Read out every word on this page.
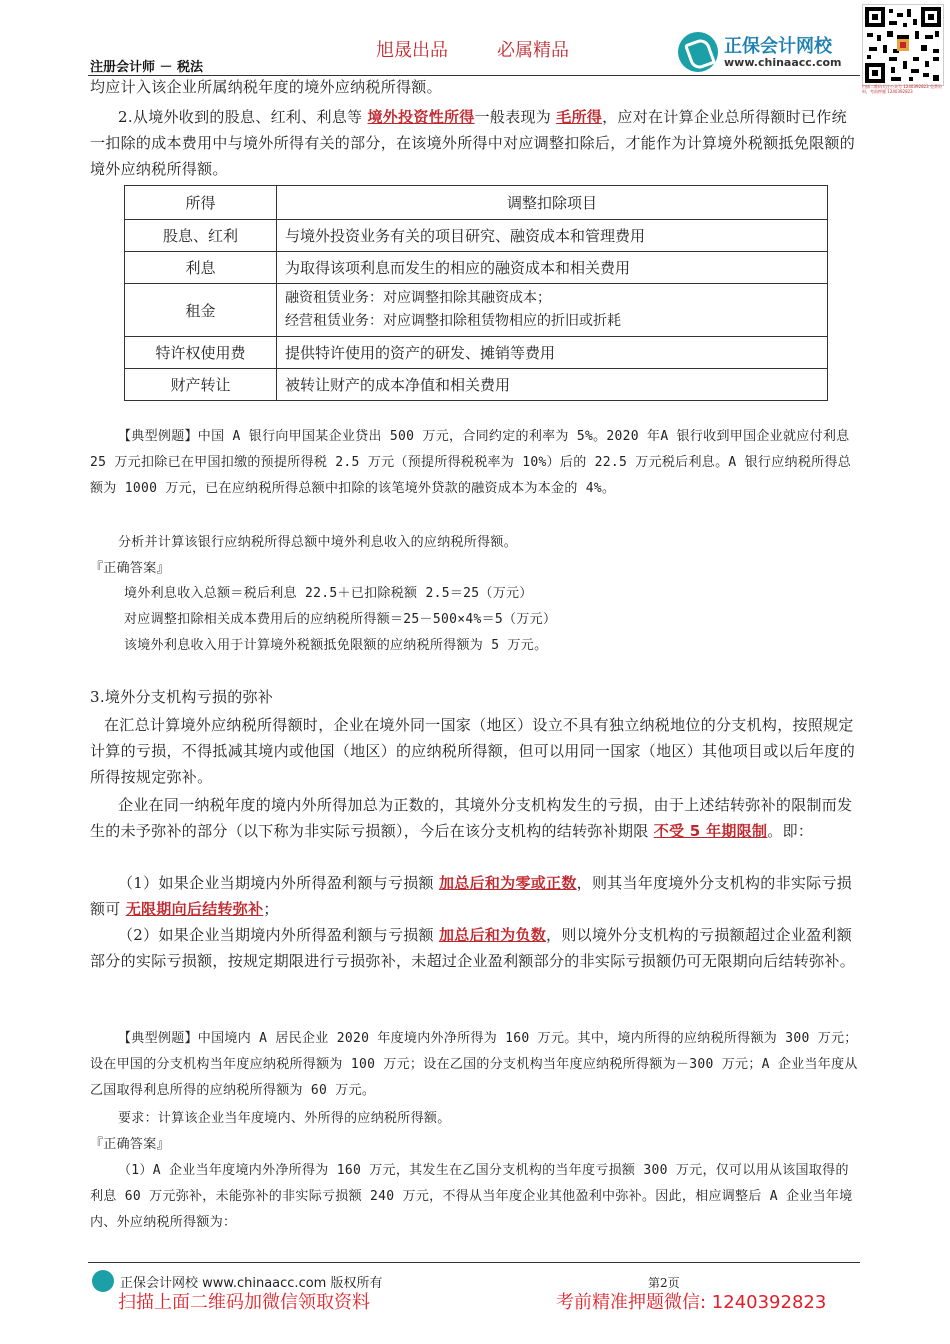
旭晟出品	必属精品
注册会计师 － 税法
正保会计网校
www.chinaacc.com
扫描二维码关注公众号 1240392823 免费资料，考前押题 1240392823
均应计入该企业所属纳税年度的境外应纳税所得额。
2.从境外收到的股息、红利、利息等 境外投资性所得一般表现为 毛所得，应对在计算企业总所得额时已作统一扣除的成本费用中与境外所得有关的部分，在该境外所得中对应调整扣除后，才能作为计算境外税额抵免限额的境外应纳税所得额。
所得	调整扣除项目
股息、红利	与境外投资业务有关的项目研究、融资成本和管理费用
利息	为取得该项利息而发生的相应的融资成本和相关费用
租金	融资租赁业务：对应调整扣除其融资成本；
经营租赁业务：对应调整扣除租赁物相应的折旧或折耗

特许权使用费	提供特许使用的资产的研发、摊销等费用
财产转让	被转让财产的成本净值和相关费用
【典型例题】中国 A 银行向甲国某企业贷出 500 万元，合同约定的利率为 5%。2020 年A 银行收到甲国企业就应付利息 25 万元扣除已在甲国扣缴的预提所得税 2.5 万元（预提所得税税率为 10%）后的 22.5 万元税后利息。A 银行应纳税所得总额为 1000 万元，已在应纳税所得总额中扣除的该笔境外贷款的融资成本为本金的 4%。
分析并计算该银行应纳税所得总额中境外利息收入的应纳税所得额。
『正确答案』
境外利息收入总额＝税后利息 22.5＋已扣除税额 2.5＝25（万元）
对应调整扣除相关成本费用后的应纳税所得额＝25－500×4%＝5（万元）
该境外利息收入用于计算境外税额抵免限额的应纳税所得额为 5 万元。
3.境外分支机构亏损的弥补
在汇总计算境外应纳税所得额时，企业在境外同一国家（地区）设立不具有独立纳税地位的分支机构，按照规定计算的亏损，不得抵减其境内或他国（地区）的应纳税所得额，但可以用同一国家（地区）其他项目或以后年度的所得按规定弥补。
企业在同一纳税年度的境内外所得加总为正数的，其境外分支机构发生的亏损，由于上述结转弥补的限制而发生的未予弥补的部分（以下称为非实际亏损额），今后在该分支机构的结转弥补期限 不受 5 年期限制。即：
（1）如果企业当期境内外所得盈利额与亏损额 加总后和为零或正数，则其当年度境外分支机构的非实际亏损额可 无限期向后结转弥补；
（2）如果企业当期境内外所得盈利额与亏损额 加总后和为负数，则以境外分支机构的亏损额超过企业盈利额部分的实际亏损额，按规定期限进行亏损弥补，未超过企业盈利额部分的非实际亏损额仍可无限期向后结转弥补。
【典型例题】中国境内 A 居民企业 2020 年度境内外净所得为 160 万元。其中，境内所得的应纳税所得额为 300 万元；设在甲国的分支机构当年度应纳税所得额为 100 万元；设在乙国的分支机构当年度应纳税所得额为－300 万元；A 企业当年度从乙国取得利息所得的应纳税所得额为 60 万元。
要求：计算该企业当年度境内、外所得的应纳税所得额。
『正确答案』
（1）A 企业当年度境内外净所得为 160 万元，其发生在乙国分支机构的当年度亏损额 300 万元，仅可以用从该国取得的利息 60 万元弥补，未能弥补的非实际亏损额 240 万元，不得从当年度企业其他盈利中弥补。因此，相应调整后 A 企业当年境内、外应纳税所得额为：
正保会计网校 www.chinaacc.com 版权所有	第2页
扫描上面二维码加微信领取资料	考前精准押题微信: 1240392823
